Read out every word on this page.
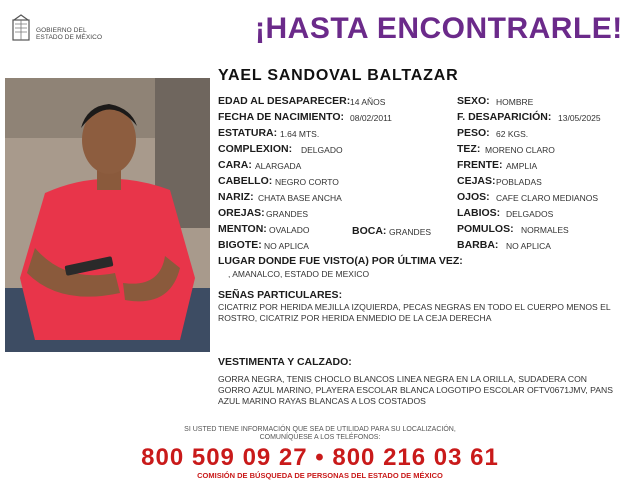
GOBIERNO DEL
ESTADO DE MÉXICO	¡HASTA ENCONTRARLE!
YAEL SANDOVAL BALTAZAR
EDAD AL DESAPARECER: 14 AÑOS
FECHA DE NACIMIENTO: 08/02/2011
ESTATURA: 1.64 MTS.
COMPLEXION: DELGADO
CARA: ALARGADA
CABELLO: NEGRO CORTO
NARIZ: CHATA BASE ANCHA
OREJAS: GRANDES
MENTON: OVALADO
BIGOTE: NO APLICA
BOCA: GRANDES
SEXO: HOMBRE
F. DESAPARICIÓN: 13/05/2025
PESO: 62 KGS.
TEZ: MORENO CLARO
FRENTE: AMPLIA
CEJAS: POBLADAS
OJOS: CAFE CLARO MEDIANOS
LABIOS: DELGADOS
POMULOS: NORMALES
BARBA: NO APLICA
LUGAR DONDE FUE VISTO(A) POR ÚLTIMA VEZ:
, AMANALCO, ESTADO DE MEXICO
SEÑAS PARTICULARES:
CICATRIZ POR HERIDA MEJILLA IZQUIERDA, PECAS NEGRAS EN TODO EL CUERPO MENOS EL ROSTRO, CICATRIZ POR HERIDA ENMEDIO DE LA CEJA DERECHA
VESTIMENTA Y CALZADO:
GORRA NEGRA, TENIS CHOCLO BLANCOS LINEA NEGRA EN LA ORILLA, SUDADERA CON GORRO AZUL MARINO, PLAYERA ESCOLAR BLANCA LOGOTIPO ESCOLAR OFTV0671JMV, PANS AZUL MARINO RAYAS BLANCAS A LOS COSTADOS
SI USTED TIENE INFORMACIÓN QUE SEA DE UTILIDAD PARA SU LOCALIZACIÓN,
COMUNÍQUESE A LOS TELÉFONOS:
800 509 09 27 • 800 216 03 61
COMISIÓN DE BÚSQUEDA DE PERSONAS DEL ESTADO DE MÉXICO
